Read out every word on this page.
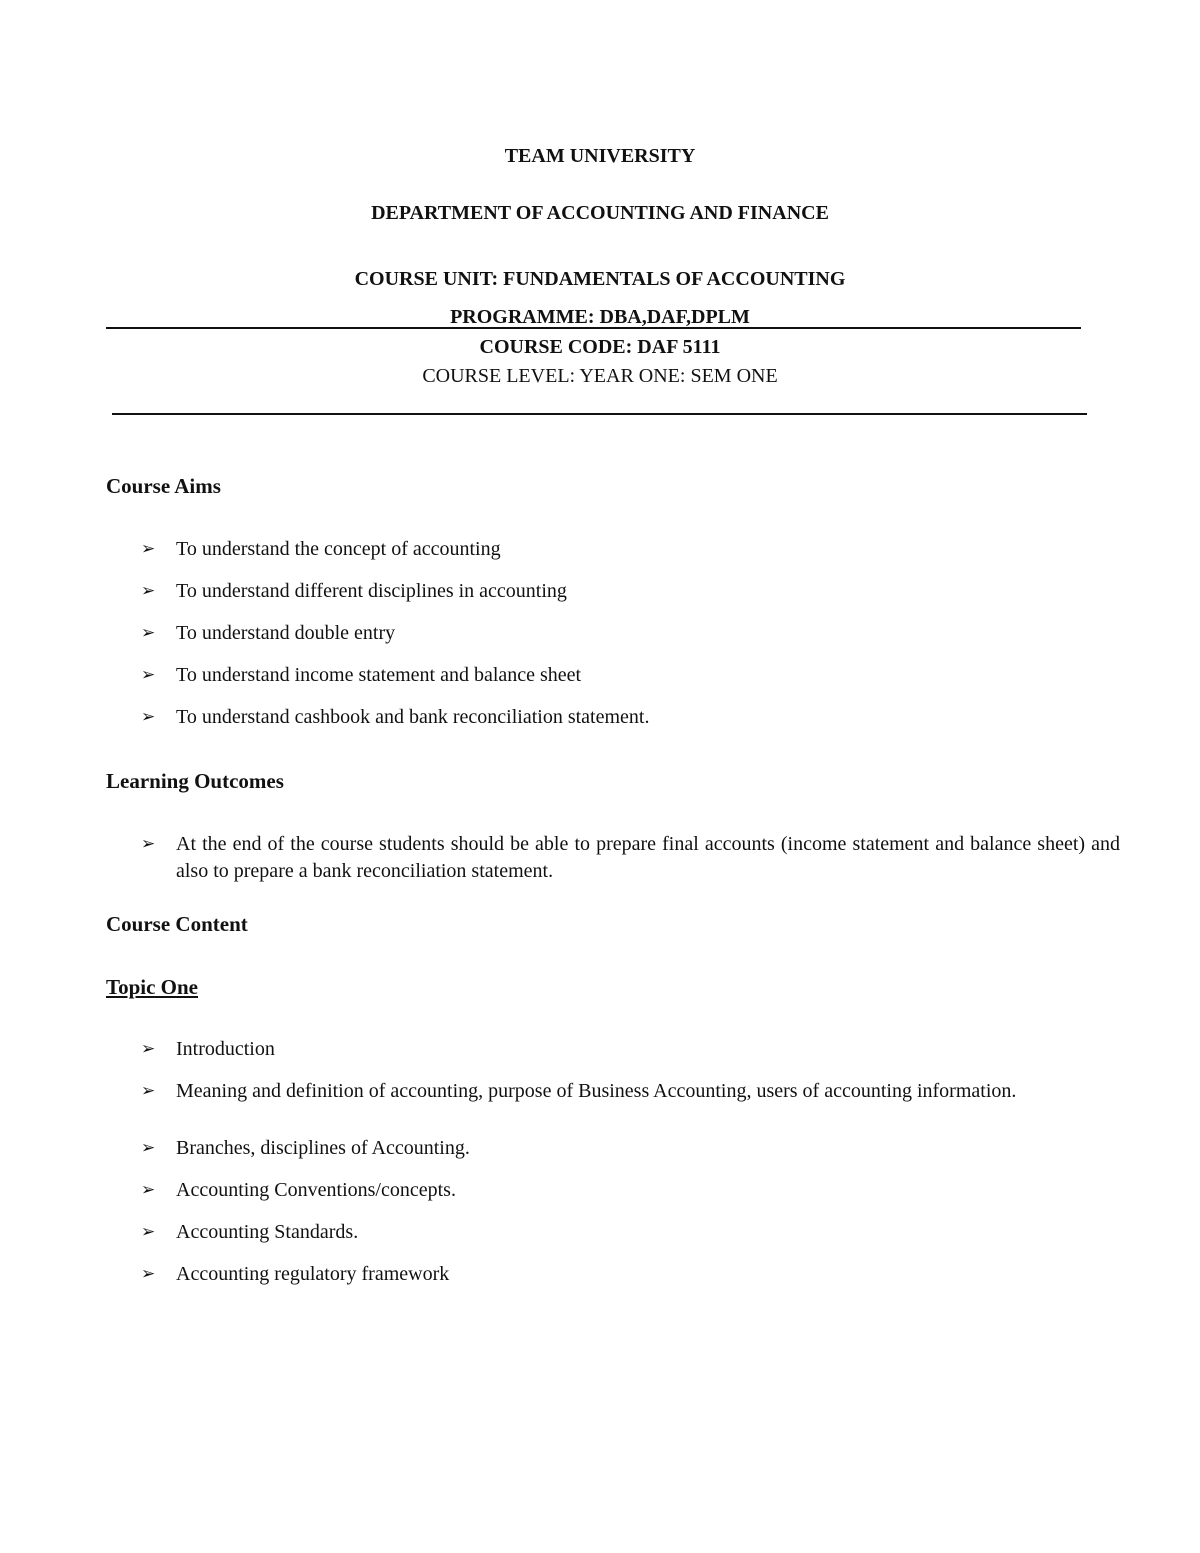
TEAM UNIVERSITY
DEPARTMENT OF ACCOUNTING AND FINANCE
COURSE UNIT: FUNDAMENTALS OF ACCOUNTING
PROGRAMME: DBA,DAF,DPLM
COURSE CODE: DAF 5111
COURSE LEVEL: YEAR ONE: SEM ONE
Course Aims
➢ To understand the concept of accounting
➢ To understand different disciplines in accounting
➢ To understand double entry
➢ To understand income statement and balance sheet
➢ To understand cashbook and bank reconciliation statement.
Learning Outcomes
➢ At the end of the course students should be able to prepare final accounts (income statement and balance sheet) and also to prepare a bank reconciliation statement.
Course Content
Topic One
➢ Introduction
➢ Meaning and definition of accounting, purpose of Business Accounting, users of accounting information.
➢ Branches, disciplines of Accounting.
➢ Accounting Conventions/concepts.
➢ Accounting Standards.
➢ Accounting regulatory framework
